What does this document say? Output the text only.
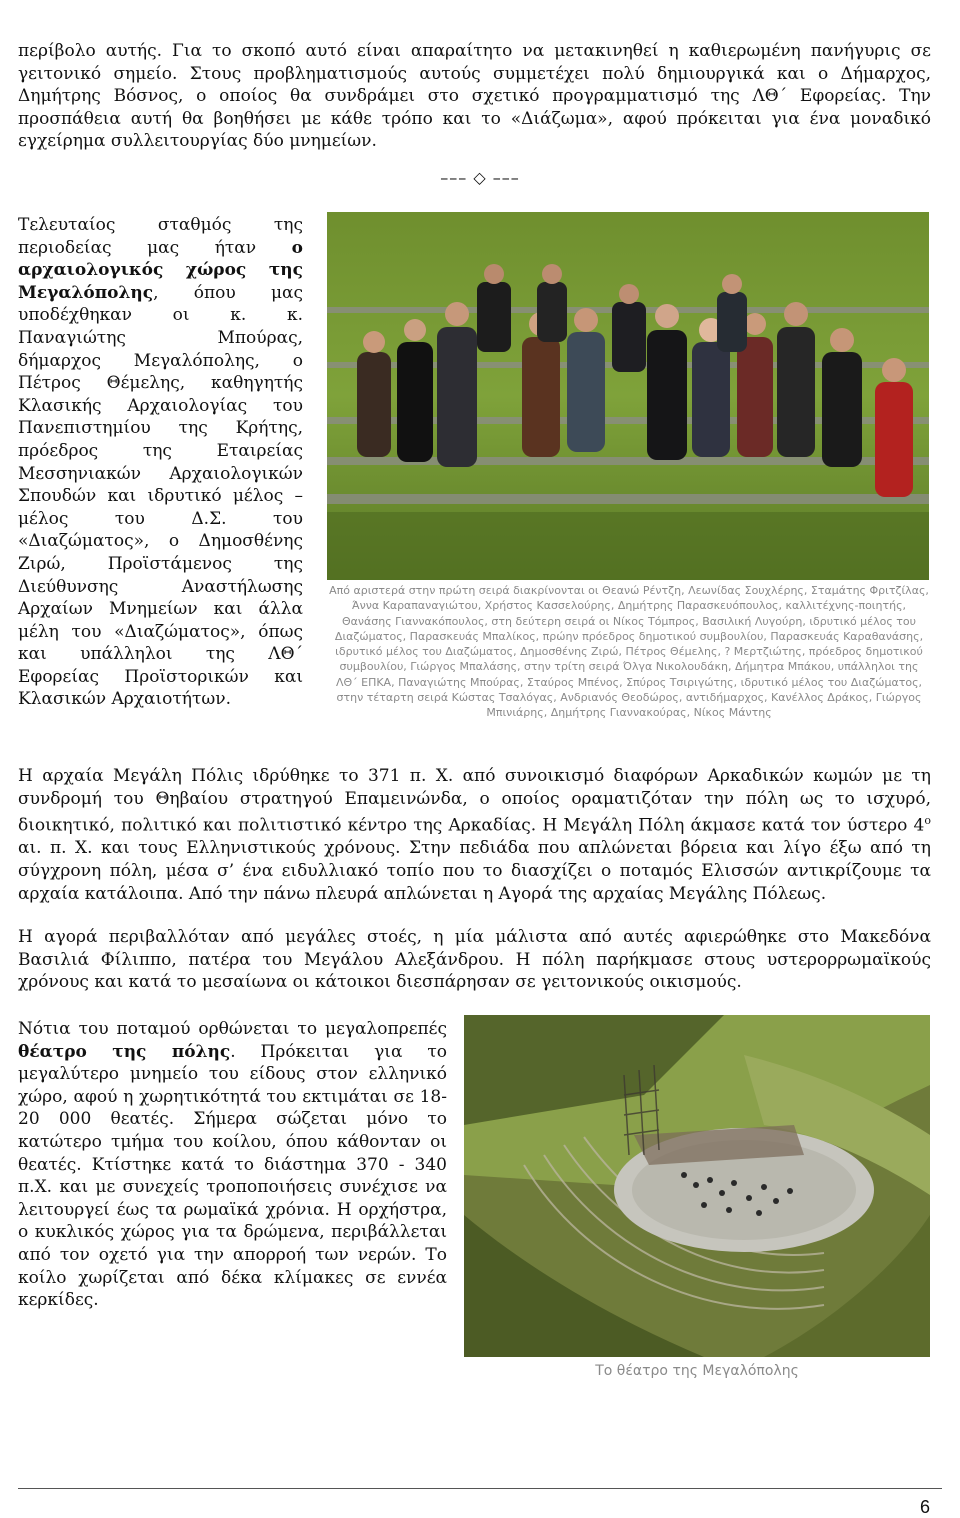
περίβολο αυτής. Για το σκοπό αυτό είναι απαραίτητο να μετακινηθεί η καθιερωμένη πανήγυρις σε γειτονικό σημείο. Στους προβληματισμούς αυτούς συμμετέχει πολύ δημιουργικά και ο Δήμαρχος, Δημήτρης Βόσνος, ο οποίος θα συνδράμει στο σχετικό προγραμματισμό της ΛΘ΄ Εφορείας. Την προσπάθεια αυτή θα βοηθήσει με κάθε τρόπο και το «Διάζωμα», αφού πρόκειται για ένα μοναδικό εγχείρημα συλλειτουργίας δύο μνημείων.

––– ◇ –––

Τελευταίος σταθμός της περιοδείας μας ήταν ο αρχαιολογικός χώρος της Μεγαλόπολης, όπου μας υποδέχθηκαν οι κ. κ. Παναγιώτης Μπούρας, δήμαρχος Μεγαλόπολης, ο Πέτρος Θέμελης, καθηγητής Κλασικής Αρχαιολογίας του Πανεπιστημίου της Κρήτης, πρόεδρος της Εταιρείας Μεσσηνιακών Αρχαιολογικών Σπουδών και ιδρυτικό μέλος – μέλος του Δ.Σ. του «Διαζώματος», ο Δημοσθένης Ζιρώ, Προϊστάμενος της Διεύθυνσης Αναστήλωσης Αρχαίων Μνημείων και άλλα μέλη του «Διαζώματος», όπως και υπάλληλοι της ΛΘ΄ Εφορείας Προϊστορικών και Κλασικών Αρχαιοτήτων.

Από αριστερά στην πρώτη σειρά διακρίνονται οι Θεανώ Ρέντζη, Λεωνίδας Σουχλέρης, Σταμάτης Φριτζίλας, Άννα Καραπαναγιώτου, Χρήστος Κασσελούρης, Δημήτρης Παρασκευόπουλος, καλλιτέχνης-ποιητής, Θανάσης Γιαννακόπουλος, στη δεύτερη σειρά οι Νίκος Τόμπρος, Βασιλική Λυγούρη, ιδρυτικό μέλος του Διαζώματος, Παρασκευάς Μπαλίκος, πρώην πρόεδρος δημοτικού συμβουλίου, Παρασκευάς Καραθανάσης, ιδρυτικό μέλος του Διαζώματος, Δημοσθένης Ζιρώ, Πέτρος Θέμελης, ? Μερτζιώτης, πρόεδρος δημοτικού συμβουλίου, Γιώργος Μπαλάσης, στην τρίτη σειρά Όλγα Νικολουδάκη, Δήμητρα Μπάκου, υπάλληλοι της ΛΘ΄ ΕΠΚΑ, Παναγιώτης Μπούρας, Σταύρος Μπένος, Σπύρος Τσιριγώτης, ιδρυτικό μέλος του Διαζώματος, στην τέταρτη σειρά Κώστας Τσαλόγας, Ανδριανός Θεοδώρος, αντιδήμαρχος, Κανέλλος Δράκος, Γιώργος Μπινιάρης, Δημήτρης Γιαννακούρας, Νίκος Μάντης

Η αρχαία Μεγάλη Πόλις ιδρύθηκε το 371 π. Χ. από συνοικισμό διαφόρων Αρκαδικών κωμών με τη συνδρομή του Θηβαίου στρατηγού Επαμεινώνδα, ο οποίος οραματιζόταν την πόλη ως το ισχυρό, διοικητικό, πολιτικό και πολιτιστικό κέντρο της Αρκαδίας. Η Μεγάλη Πόλη άκμασε κατά τον ύστερο $4^o$ αι. π. Χ. και τους Ελληνιστικούς χρόνους. Στην πεδιάδα που απλώνεται βόρεια και λίγο έξω από τη σύγχρονη πόλη, μέσα σ’ ένα ειδυλλιακό τοπίο που το διασχίζει ο ποταμός Ελισσών αντικρίζουμε τα αρχαία κατάλοιπα. Από την πάνω πλευρά απλώνεται η Αγορά της αρχαίας Μεγάλης Πόλεως.

Η αγορά περιβαλλόταν από μεγάλες στοές, η μία μάλιστα από αυτές αφιερώθηκε στο Μακεδόνα Βασιλιά Φίλιππο, πατέρα του Μεγάλου Αλεξάνδρου. Η πόλη παρήκμασε στους υστερορρωμαϊκούς χρόνους και κατά το μεσαίωνα οι κάτοικοι διεσπάρησαν σε γειτονικούς οικισμούς.

Νότια του ποταμού ορθώνεται το μεγαλοπρεπές θέατρο της πόλης. Πρόκειται για το μεγαλύτερο μνημείο του είδους στον ελληνικό χώρο, αφού η χωρητικότητά του εκτιμάται σε 18-20 000 θεατές. Σήμερα σώζεται μόνο το κατώτερο τμήμα του κοίλου, όπου κάθονταν οι θεατές. Κτίστηκε κατά το διάστημα 370 - 340 π.Χ. και με συνεχείς τροποποιήσεις συνέχισε να λειτουργεί έως τα ρωμαϊκά χρόνια. Η ορχήστρα, ο κυκλικός χώρος για τα δρώμενα, περιβάλλεται από τον οχετό για την απορροή των νερών. Το κοίλο χωρίζεται από δέκα κλίμακες σε εννέα κερκίδες.

Το θέατρο της Μεγαλόπολης
6
